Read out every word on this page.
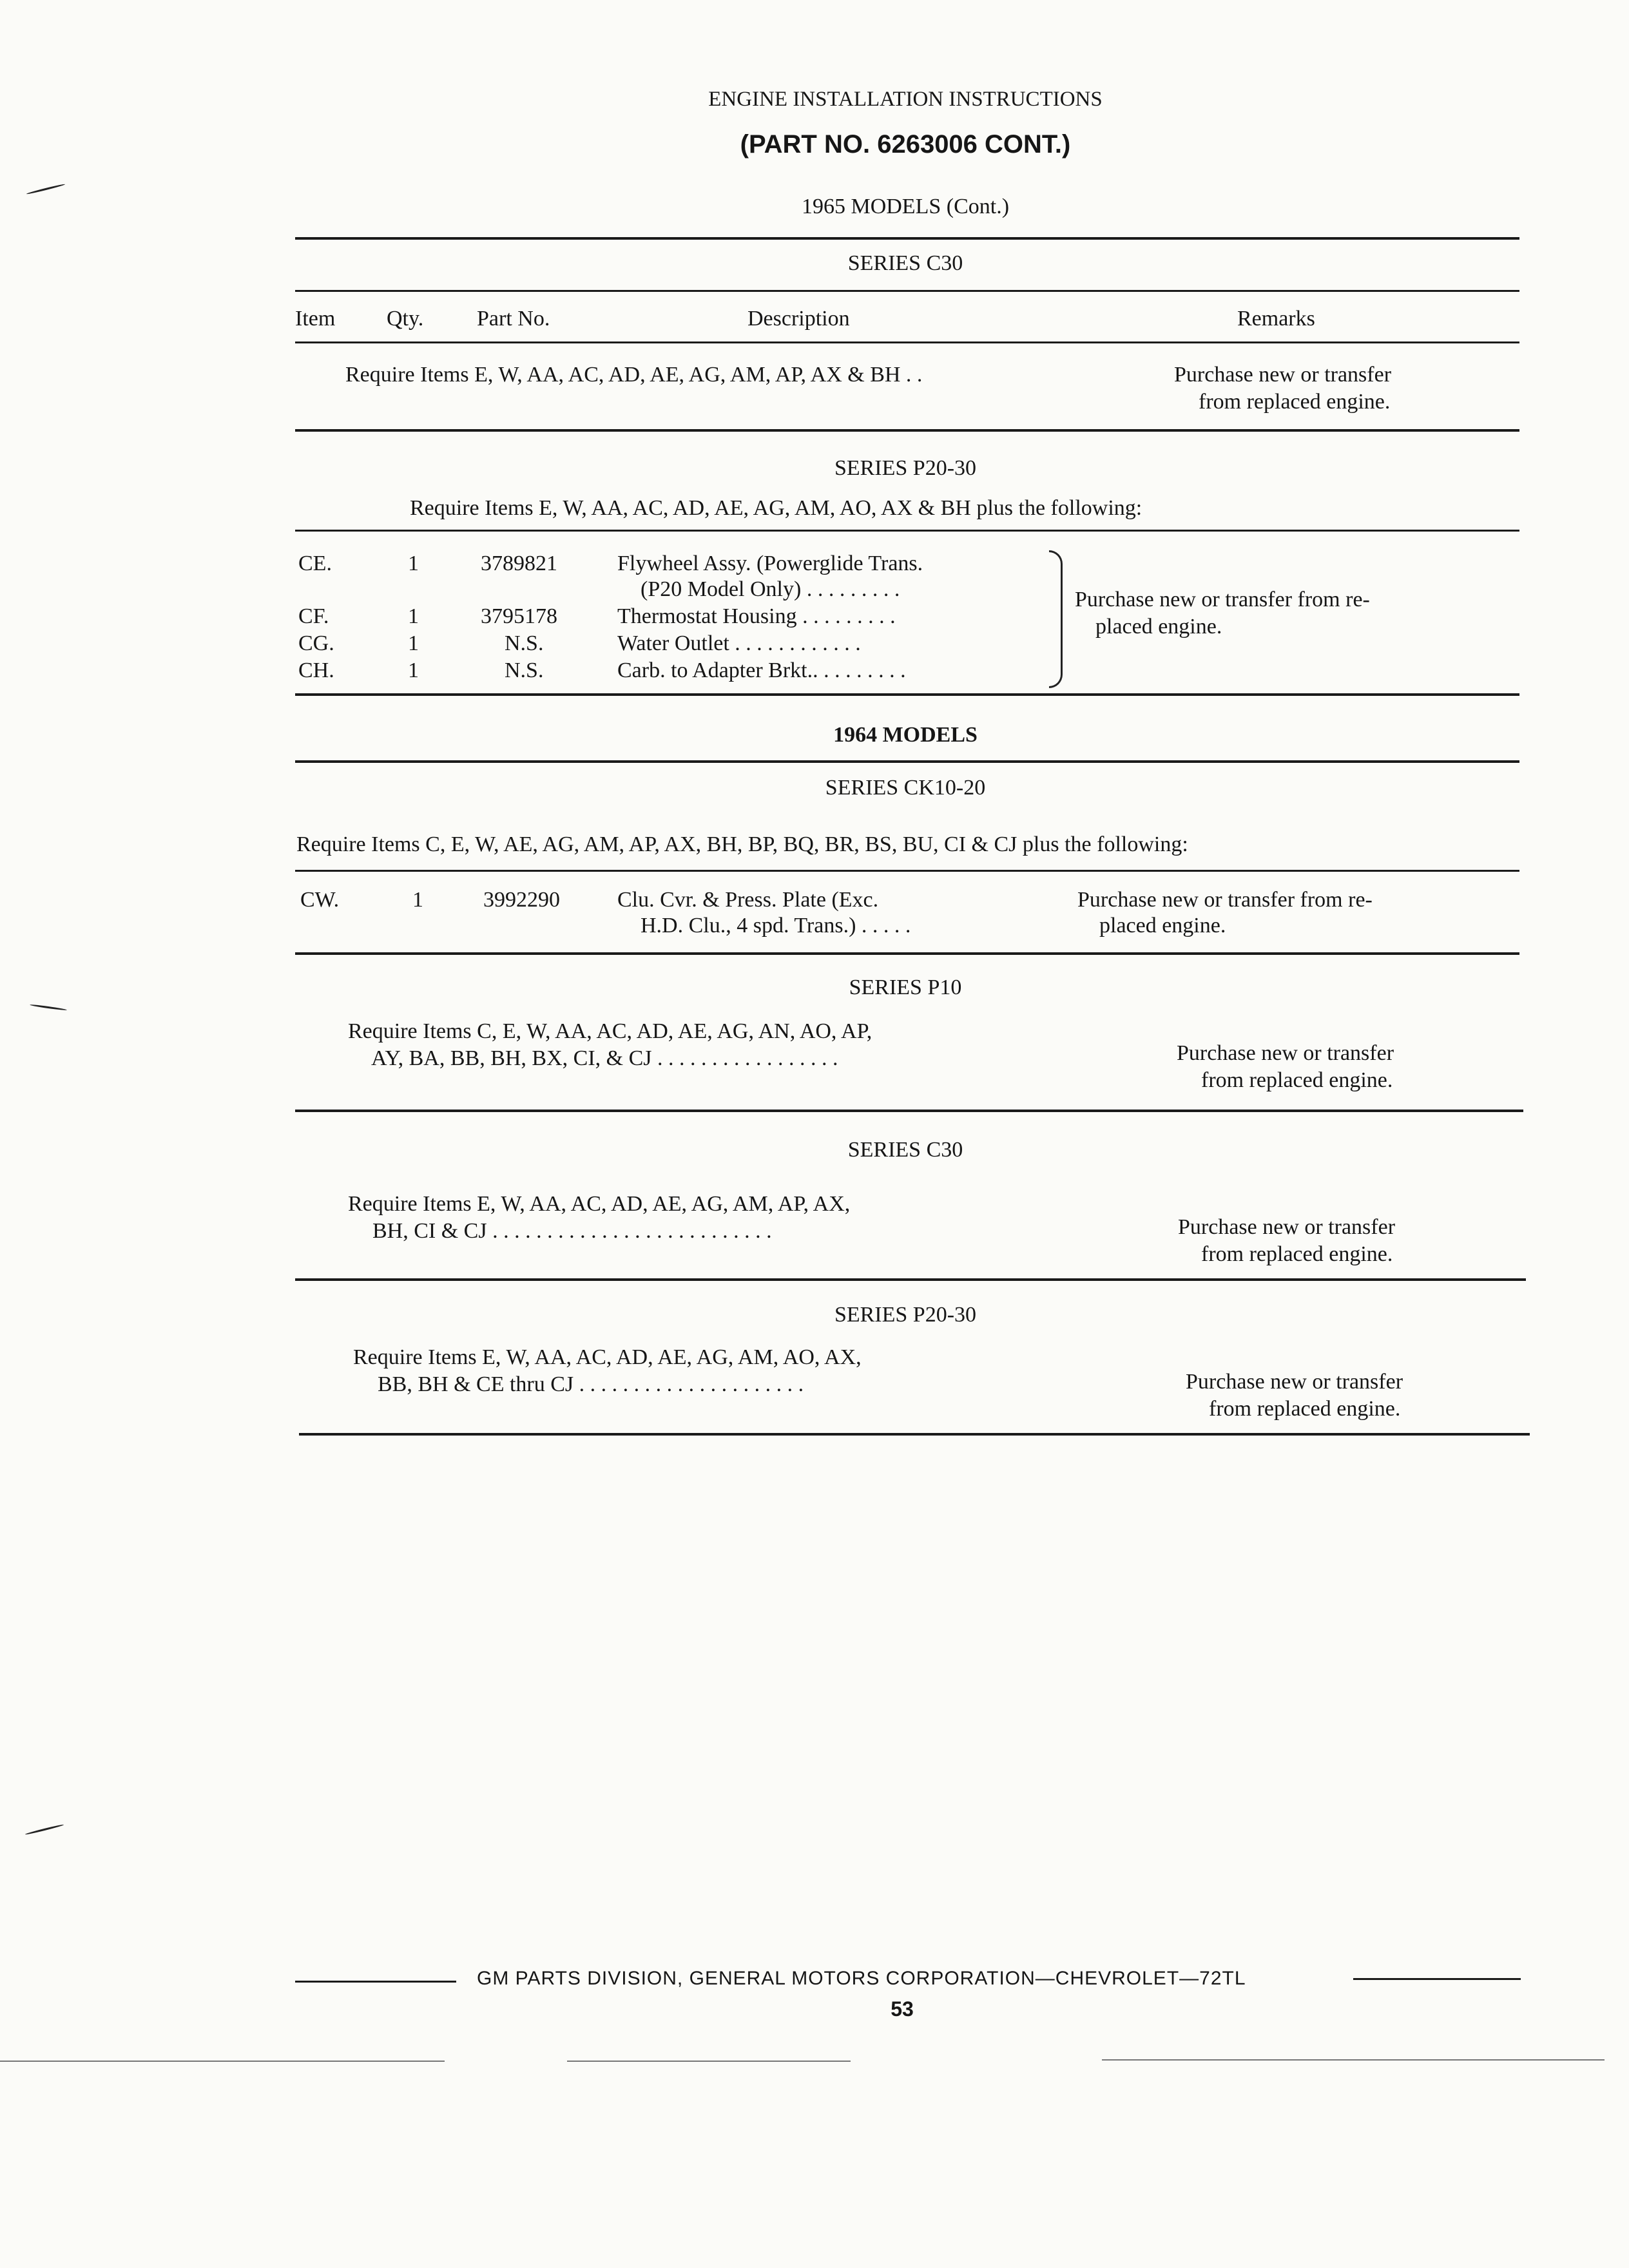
ENGINE INSTALLATION INSTRUCTIONS
(PART NO. 6263006 CONT.)
1965 MODELS (Cont.)
SERIES C30
Item Qty. Part No.	Description	Remarks
Require Items E, W, AA, AC, AD, AE, AG, AM, AP, AX & BH . .	Purchase new or transfer
from replaced engine.
SERIES P20-30
Require Items E, W, AA, AC, AD, AE, AG, AM, AO, AX & BH plus the following:
CE.	1	3789821	Flywheel Assy. (Powerglide Trans.
(P20 Model Only) . . . . . . . . .
CF.	1	3795178	Thermostat Housing . . . . . . . . .
CG.	1	N.S.	Water Outlet . . . . . . . . . . . .
CH.	1	N.S.	Carb. to Adapter Brkt.. . . . . . . . .
Purchase new or transfer from re-
placed engine.
1964 MODELS
SERIES CK10-20
Require Items C, E, W, AE, AG, AM, AP, AX, BH, BP, BQ, BR, BS, BU, CI & CJ plus the following:
CW.	1	3992290	Clu. Cvr. & Press. Plate (Exc.
H.D. Clu., 4 spd. Trans.) . . . . .
Purchase new or transfer from re-
placed engine.
SERIES P10
Require Items C, E, W, AA, AC, AD, AE, AG, AN, AO, AP,
AY, BA, BB, BH, BX, CI, & CJ . . . . . . . . . . . . . . . . .	Purchase new or transfer
from replaced engine.
SERIES C30
Require Items E, W, AA, AC, AD, AE, AG, AM, AP, AX,
BH, CI & CJ . . . . . . . . . . . . . . . . . . . . . . . . . .	Purchase new or transfer
from replaced engine.
SERIES P20-30
Require Items E, W, AA, AC, AD, AE, AG, AM, AO, AX,
BB, BH & CE thru CJ . . . . . . . . . . . . . . . . . . . . .	Purchase new or transfer
from replaced engine.
GM PARTS DIVISION, GENERAL MOTORS CORPORATION—CHEVROLET—72TL
53
